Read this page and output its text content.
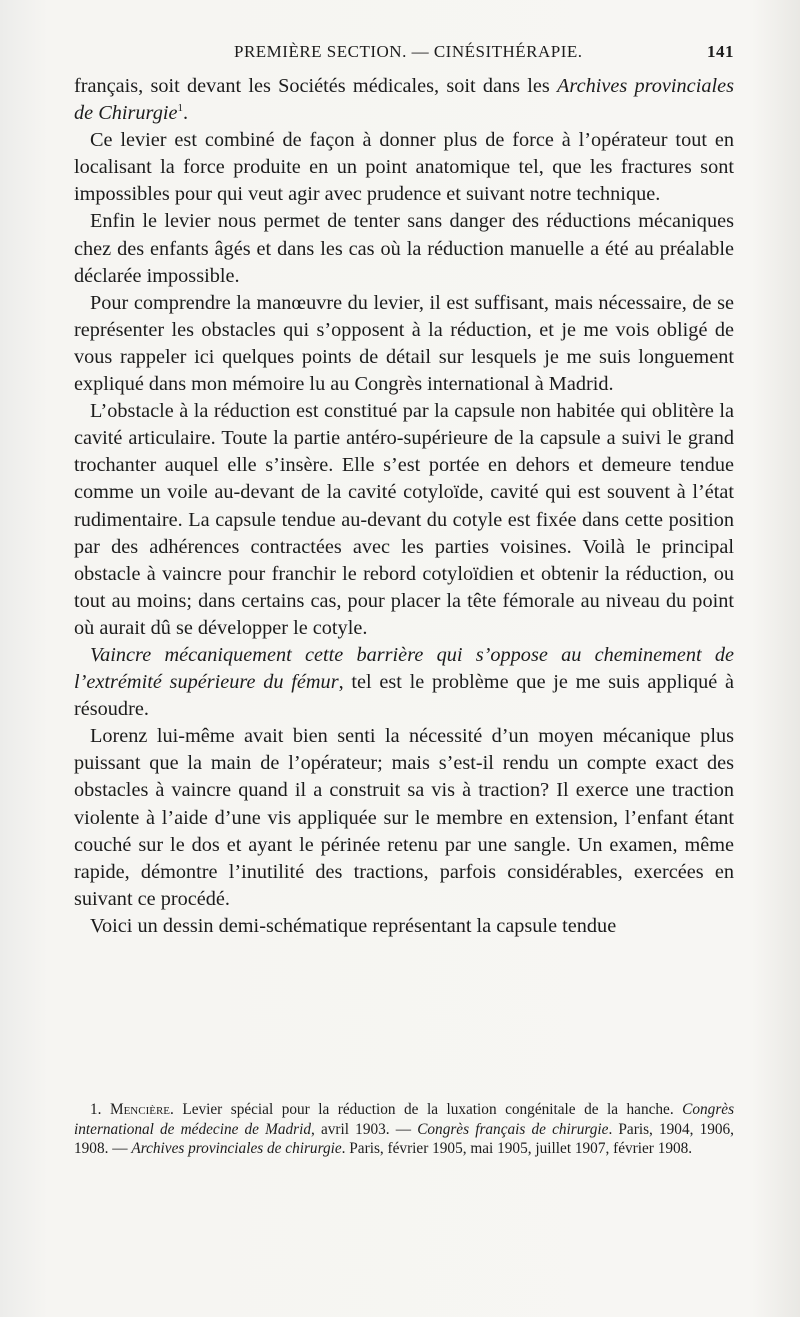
PREMIÈRE SECTION. — CINÉSITHÉRAPIE.	141

français, soit devant les Sociétés médicales, soit dans les Archives provinciales de Chirurgie$^1$.

Ce levier est combiné de façon à donner plus de force à l’opérateur tout en localisant la force produite en un point anatomique tel, que les fractures sont impossibles pour qui veut agir avec prudence et suivant notre technique.

Enfin le levier nous permet de tenter sans danger des réductions mécaniques chez des enfants âgés et dans les cas où la réduction manuelle a été au préalable déclarée impossible.

Pour comprendre la manœuvre du levier, il est suffisant, mais nécessaire, de se représenter les obstacles qui s’opposent à la réduction, et je me vois obligé de vous rappeler ici quelques points de détail sur lesquels je me suis longuement expliqué dans mon mémoire lu au Congrès international à Madrid.

L’obstacle à la réduction est constitué par la capsule non habitée qui oblitère la cavité articulaire. Toute la partie antéro-supérieure de la capsule a suivi le grand trochanter auquel elle s’insère. Elle s’est portée en dehors et demeure tendue comme un voile au-devant de la cavité cotyloïde, cavité qui est souvent à l’état rudimentaire. La capsule tendue au-devant du cotyle est fixée dans cette position par des adhérences contractées avec les parties voisines. Voilà le principal obstacle à vaincre pour franchir le rebord cotyloïdien et obtenir la réduction, ou tout au moins; dans certains cas, pour placer la tête fémorale au niveau du point où aurait dû se développer le cotyle.

Vaincre mécaniquement cette barrière qui s’oppose au cheminement de l’extrémité supérieure du fémur, tel est le problème que je me suis appliqué à résoudre.

Lorenz lui-même avait bien senti la nécessité d’un moyen mécanique plus puissant que la main de l’opérateur; mais s’est-il rendu un compte exact des obstacles à vaincre quand il a construit sa vis à traction? Il exerce une traction violente à l’aide d’une vis appliquée sur le membre en extension, l’enfant étant couché sur le dos et ayant le périnée retenu par une sangle. Un examen, même rapide, démontre l’inutilité des tractions, parfois considérables, exercées en suivant ce procédé.

Voici un dessin demi-schématique représentant la capsule tendue

1. Mencière. Levier spécial pour la réduction de la luxation congénitale de la hanche. Congrès international de médecine de Madrid, avril 1903. — Congrès français de chirurgie. Paris, 1904, 1906, 1908. — Archives provinciales de chirurgie. Paris, février 1905, mai 1905, juillet 1907, février 1908.
